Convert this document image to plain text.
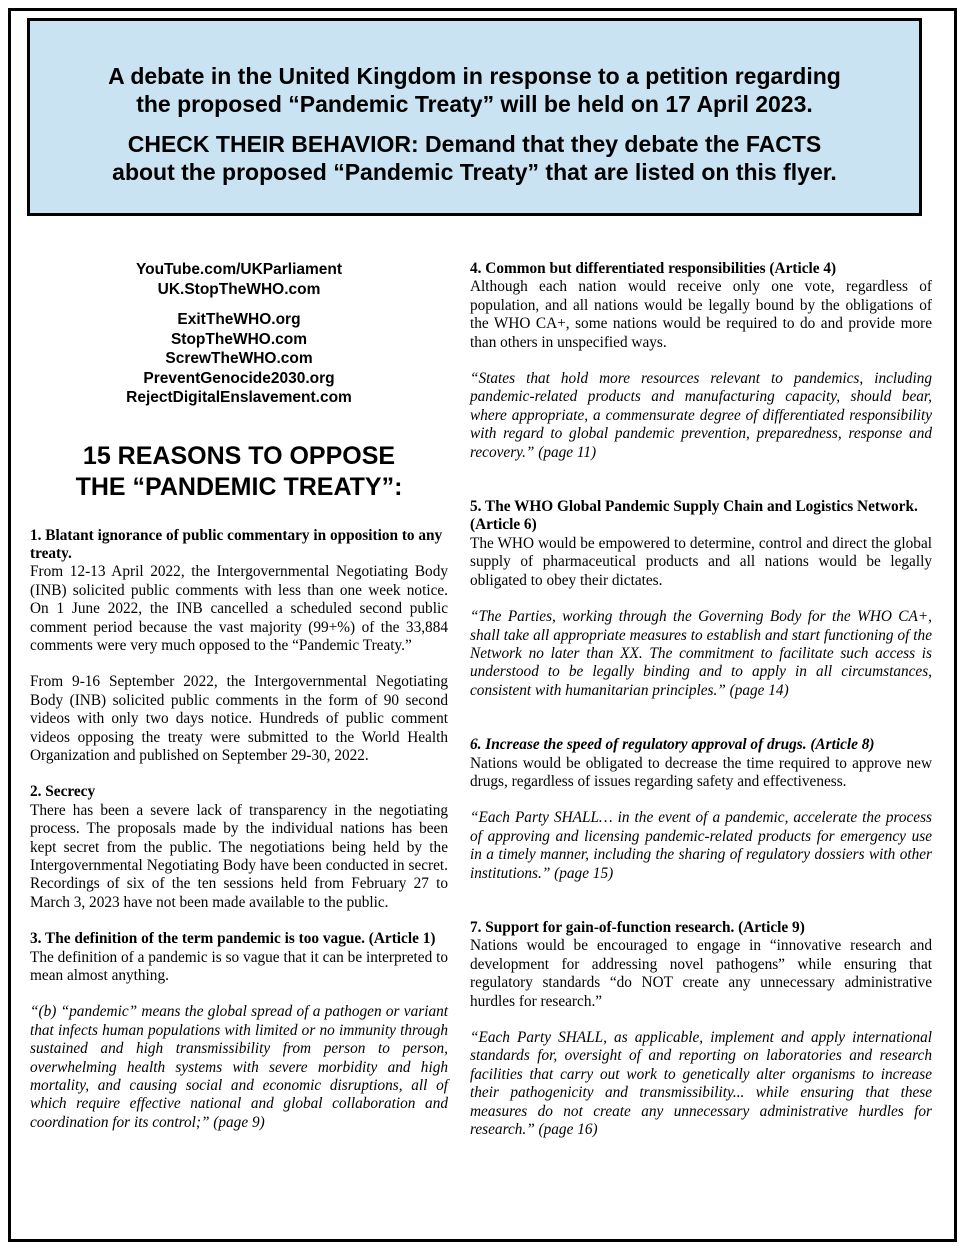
A debate in the United Kingdom in response to a petition regarding
the proposed “Pandemic Treaty” will be held on 17 April 2023.
CHECK THEIR BEHAVIOR: Demand that they debate the FACTS
about the proposed “Pandemic Treaty” that are listed on this flyer.
YouTube.com/UKParliament
UK.StopTheWHO.com
ExitTheWHO.org
StopTheWHO.com
ScrewTheWHO.com
PreventGenocide2030.org
RejectDigitalEnslavement.com
15 REASONS TO OPPOSE
THE “PANDEMIC TREATY”:
1. Blatant ignorance of public commentary in opposition to any treaty.
From 12-13 April 2022, the Intergovernmental Negotiating Body (INB) solicited public comments with less than one week notice. On 1 June 2022, the INB cancelled a scheduled second public comment period because the vast majority (99+%) of the 33,884 comments were very much opposed to the “Pandemic Treaty.”
From 9-16 September 2022, the Intergovernmental Negotiating Body (INB) solicited public comments in the form of 90 second videos with only two days notice. Hundreds of public comment videos opposing the treaty were submitted to the World Health Organization and published on September 29-30, 2022.
2. Secrecy
There has been a severe lack of transparency in the negotiating process. The proposals made by the individual nations has been kept secret from the public. The negotiations being held by the Intergovernmental Negotiating Body have been conducted in secret. Recordings of six of the ten sessions held from February 27 to March 3, 2023 have not been made available to the public.
3. The definition of the term pandemic is too vague. (Article 1)
The definition of a pandemic is so vague that it can be interpreted to mean almost anything.
“(b) “pandemic” means the global spread of a pathogen or variant that infects human populations with limited or no immunity through sustained and high transmissibility from person to person, overwhelming health systems with severe morbidity and high mortality, and causing social and economic disruptions, all of which require effective national and global collaboration and coordination for its control;” (page 9)
4. Common but differentiated responsibilities (Article 4)
Although each nation would receive only one vote, regardless of population, and all nations would be legally bound by the obligations of the WHO CA+, some nations would be required to do and provide more than others in unspecified ways.
“States that hold more resources relevant to pandemics, including pandemic-related products and manufacturing capacity, should bear, where appropriate, a commensurate degree of differentiated responsibility with regard to global pandemic prevention, preparedness, response and recovery.” (page 11)
5. The WHO Global Pandemic Supply Chain and Logistics Network. (Article 6)
The WHO would be empowered to determine, control and direct the global supply of pharmaceutical products and all nations would be legally obligated to obey their dictates.
“The Parties, working through the Governing Body for the WHO CA+, shall take all appropriate measures to establish and start functioning of the Network no later than XX. The commitment to facilitate such access is understood to be legally binding and to apply in all circumstances, consistent with humanitarian principles.” (page 14)
6. Increase the speed of regulatory approval of drugs. (Article 8)
Nations would be obligated to decrease the time required to approve new drugs, regardless of issues regarding safety and effectiveness.
“Each Party SHALL… in the event of a pandemic, accelerate the process of approving and licensing pandemic-related products for emergency use in a timely manner, including the sharing of regulatory dossiers with other institutions.” (page 15)
7. Support for gain-of-function research. (Article 9)
Nations would be encouraged to engage in “innovative research and development for addressing novel pathogens” while ensuring that regulatory standards “do NOT create any unnecessary administrative hurdles for research.”
“Each Party SHALL, as applicable, implement and apply international standards for, oversight of and reporting on laboratories and research facilities that carry out work to genetically alter organisms to increase their pathogenicity and transmissibility... while ensuring that these measures do not create any unnecessary administrative hurdles for research.” (page 16)
